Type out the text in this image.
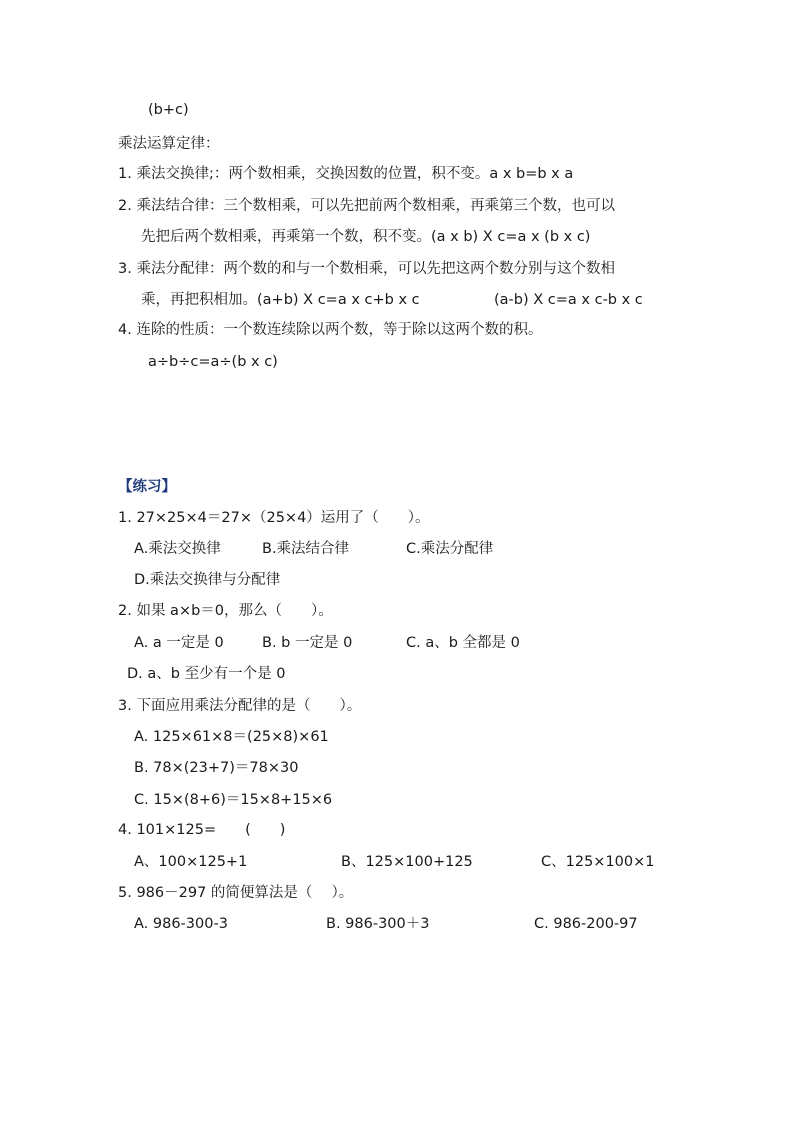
(b+c)
乘法运算定律：
1. 乘法交换律;：两个数相乘，交换因数的位置，积不变。a x b=b x a
2. 乘法结合律：三个数相乘，可以先把前两个数相乘，再乘第三个数，也可以
先把后两个数相乘，再乘第一个数，积不变。(a x b) X c=a x (b x c)
3. 乘法分配律：两个数的和与一个数相乘，可以先把这两个数分别与这个数相
乘，再把积相加。(a+b) X c=a x c+b x c	(a-b) X c=a x c-b x c
4. 连除的性质：一个数连续除以两个数，等于除以这两个数的积。
a÷b÷c=a÷(b x c)
【练习】
1. 27×25×4＝27×（25×4）运用了（　　）。
A.乘法交换律	B.乘法结合律	C.乘法分配律
D.乘法交换律与分配律
2. 如果 a×b＝0，那么（　　）。
A. a 一定是 0	B. b 一定是 0	C. a、b 全都是 0
D. a、b 至少有一个是 0
3. 下面应用乘法分配律的是（　　）。
A. 125×61×8＝(25×8)×61
B. 78×(23+7)＝78×30
C. 15×(8+6)＝15×8+15×6
4. 101×125=　　(　　)
A、100×125+1	B、125×100+125	C、125×100×1
5. 986－297 的简便算法是（　 ）。
A. 986-300-3	B. 986-300＋3	C. 986-200-97
